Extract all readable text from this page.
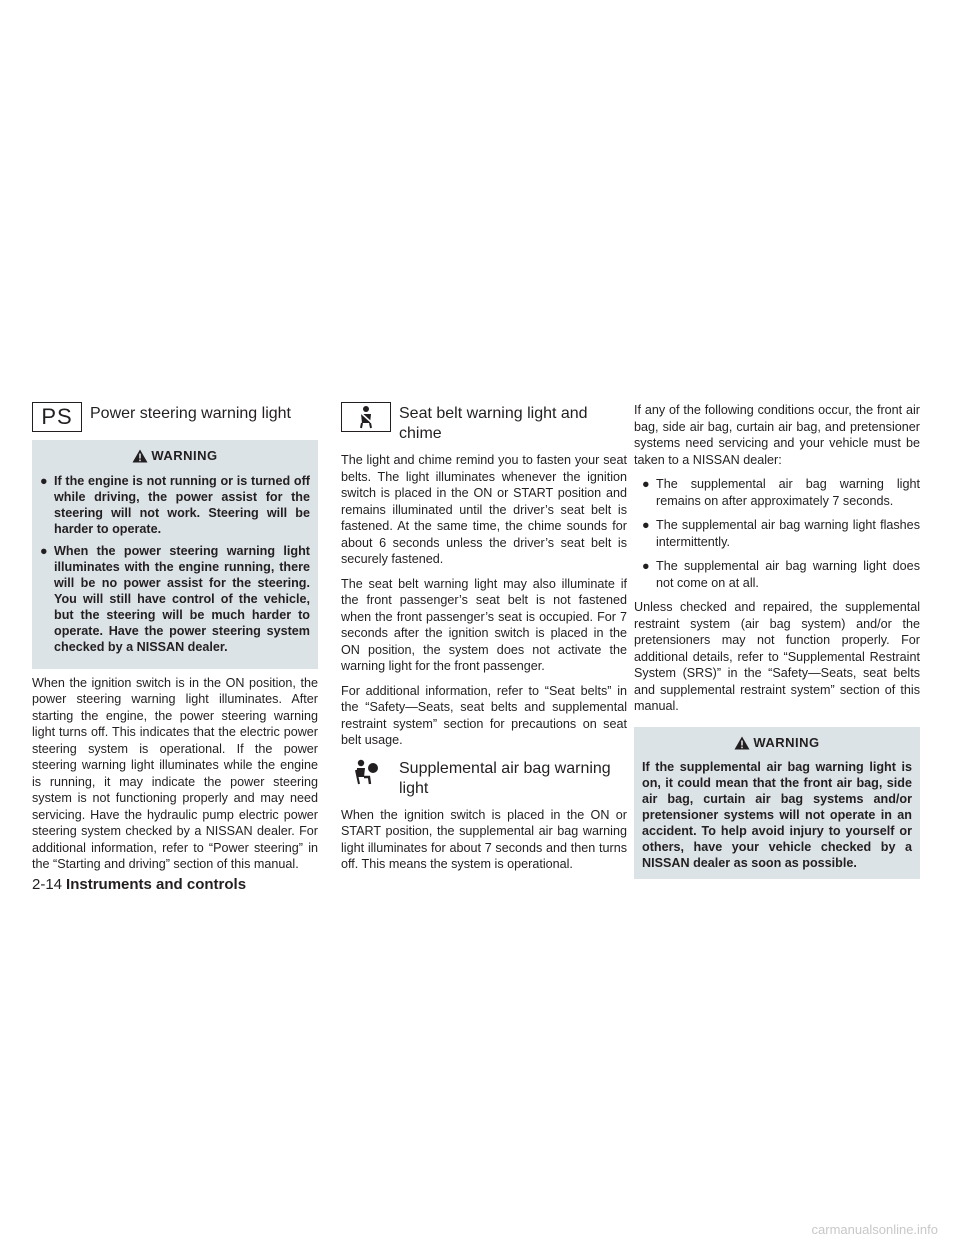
PS Power steering warning light
WARNING
● If the engine is not running or is turned off while driving, the power assist for the steering will not work. Steering will be harder to operate.
● When the power steering warning light illuminates with the engine running, there will be no power assist for the steering. You will still have control of the vehicle, but the steering will be much harder to operate. Have the power steering system checked by a NISSAN dealer.

When the ignition switch is in the ON position, the power steering warning light illuminates. After starting the engine, the power steering warning light turns off. This indicates that the electric power steering system is operational. If the power steering warning light illuminates while the engine is running, it may indicate the power steering system is not functioning properly and may need servicing. Have the hydraulic pump electric power steering system checked by a NISSAN dealer. For additional information, refer to “Power steering” in the “Starting and driving” section of this manual.

Seat belt warning light and chime

The light and chime remind you to fasten your seat belts. The light illuminates whenever the ignition switch is placed in the ON or START position and remains illuminated until the driver’s seat belt is fastened. At the same time, the chime sounds for about 6 seconds unless the driver’s seat belt is securely fastened.

The seat belt warning light may also illuminate if the front passenger’s seat belt is not fastened when the front passenger’s seat is occupied. For 7 seconds after the ignition switch is placed in the ON position, the system does not activate the warning light for the front passenger.

For additional information, refer to “Seat belts” in the “Safety—Seats, seat belts and supplemental restraint system” section for precautions on seat belt usage.

Supplemental air bag warning light

When the ignition switch is placed in the ON or START position, the supplemental air bag warning light illuminates for about 7 seconds and then turns off. This means the system is operational.

If any of the following conditions occur, the front air bag, side air bag, curtain air bag, and pretensioner systems need servicing and your vehicle must be taken to a NISSAN dealer:

● The supplemental air bag warning light remains on after approximately 7 seconds.
● The supplemental air bag warning light flashes intermittently.
● The supplemental air bag warning light does not come on at all.

Unless checked and repaired, the supplemental restraint system (air bag system) and/or the pretensioners may not function properly. For additional details, refer to “Supplemental Restraint System (SRS)” in the “Safety—Seats, seat belts and supplemental restraint system” section of this manual.

WARNING
If the supplemental air bag warning light is on, it could mean that the front air bag, side air bag, curtain air bag systems and/or pretensioner systems will not operate in an accident. To help avoid injury to yourself or others, have your vehicle checked by a NISSAN dealer as soon as possible.
2-14 Instruments and controls
carmanualsonline.info
